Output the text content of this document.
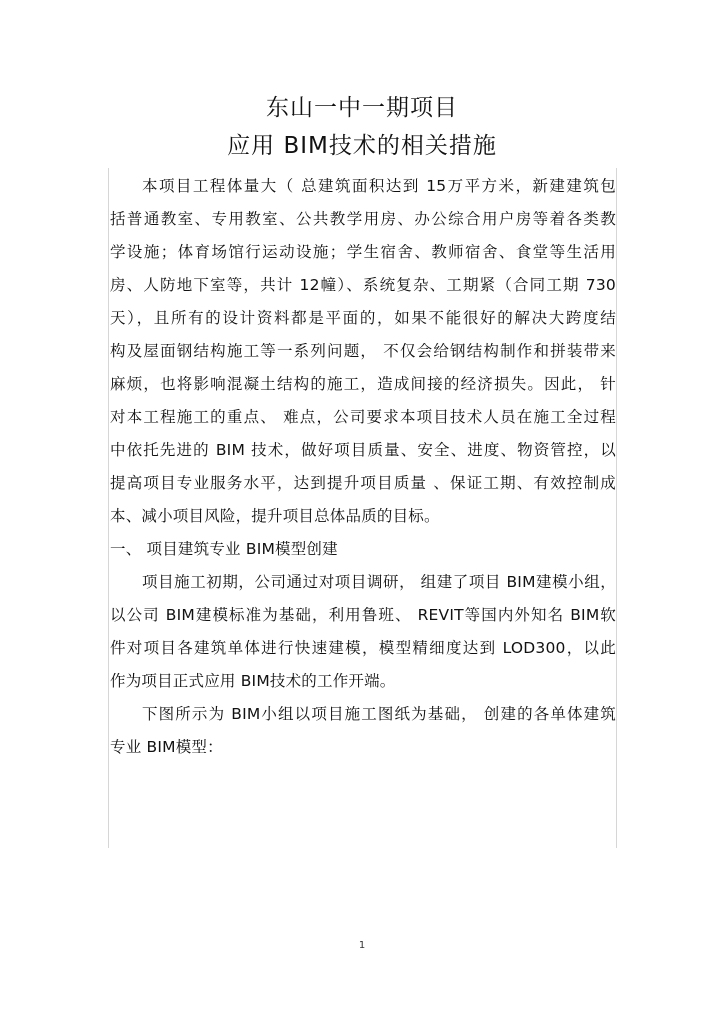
东山一中一期项目
应用 BIM技术的相关措施
本项目工程体量大（ 总建筑面积达到 15万平方米，新建建筑包
括普通教室、专用教室、公共教学用房、办公综合用户房等着各类教
学设施；体育场馆行运动设施；学生宿舍、教师宿舍、食堂等生活用
房、人防地下室等，共计 12幢）、系统复杂、工期紧（合同工期 730
天），且所有的设计资料都是平面的，如果不能很好的解决大跨度结
构及屋面钢结构施工等一系列问题， 不仅会给钢结构制作和拼装带来
麻烦，也将影响混凝土结构的施工，造成间接的经济损失。因此， 针
对本工程施工的重点、 难点，公司要求本项目技术人员在施工全过程
中依托先进的 BIM 技术，做好项目质量、安全、进度、物资管控，以
提高项目专业服务水平，达到提升项目质量 、保证工期、有效控制成
本、减小项目风险，提升项目总体品质的目标。
一、 项目建筑专业 BIM模型创建
项目施工初期，公司通过对项目调研， 组建了项目 BIM建模小组，
以公司 BIM建模标准为基础，利用鲁班、 REVIT等国内外知名 BIM软
件对项目各建筑单体进行快速建模，模型精细度达到 LOD300，以此
作为项目正式应用 BIM技术的工作开端。
下图所示为 BIM小组以项目施工图纸为基础， 创建的各单体建筑
专业 BIM模型：
1
